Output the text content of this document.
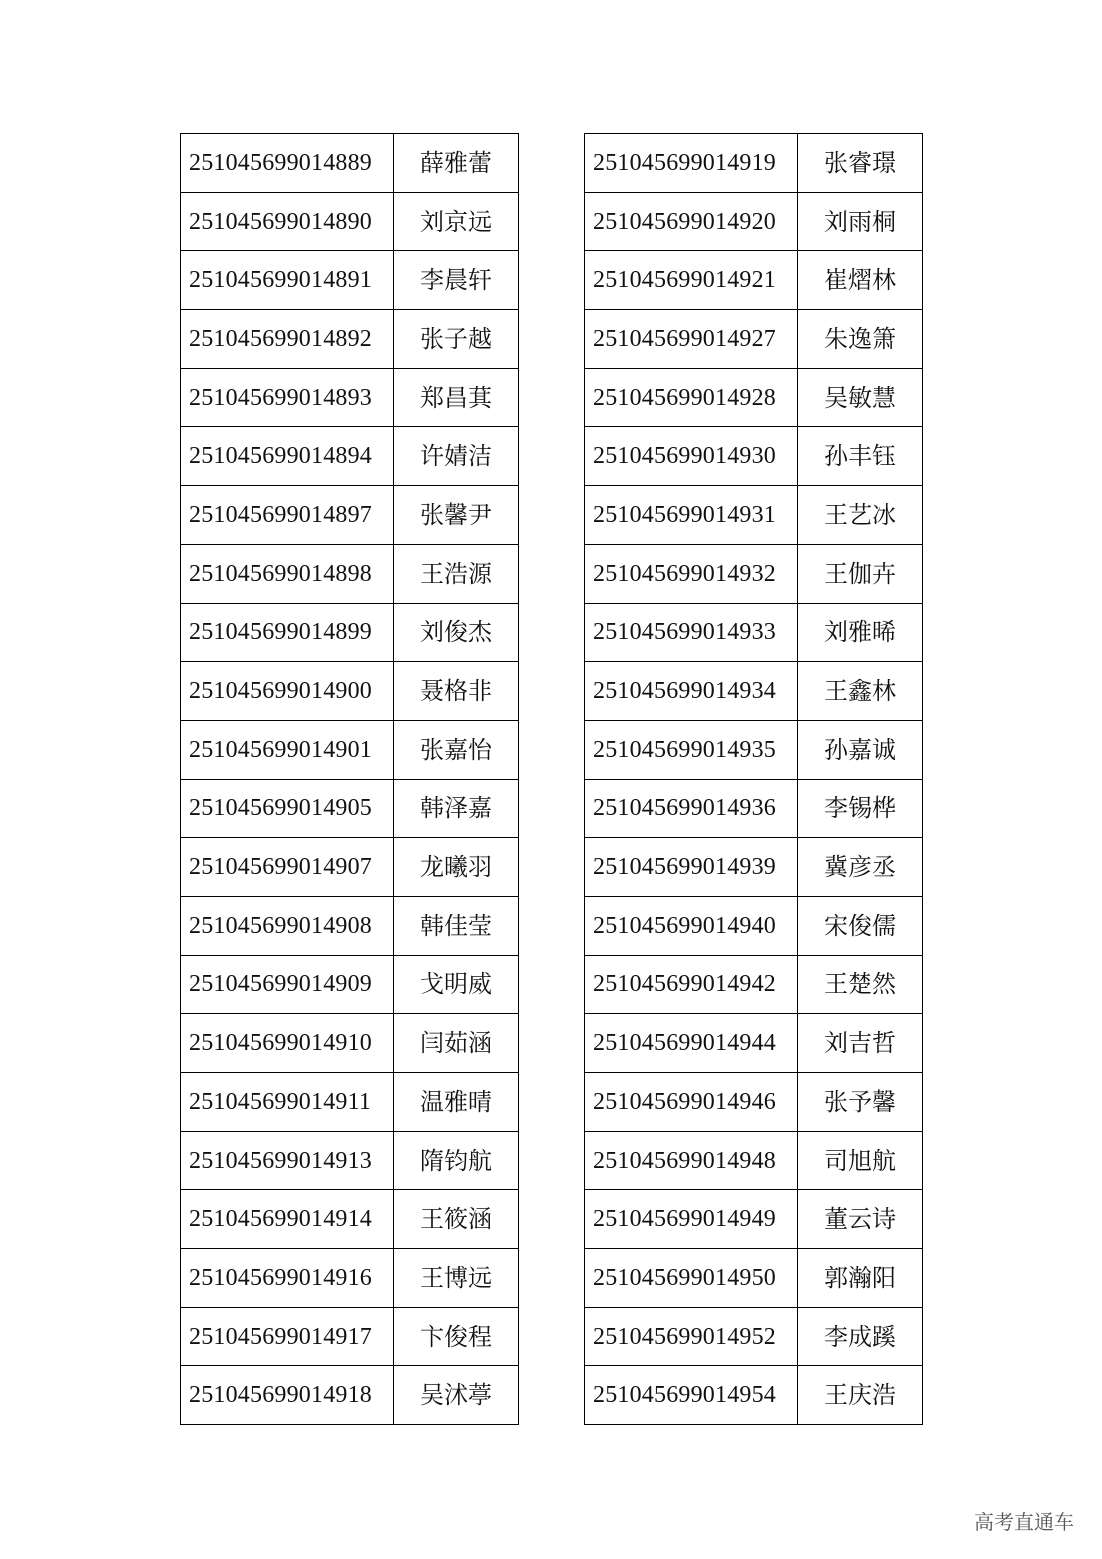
251045699014889	薛雅蕾
251045699014890	刘京远
251045699014891	李晨轩
251045699014892	张子越
251045699014893	郑昌萁
251045699014894	许婧洁
251045699014897	张馨尹
251045699014898	王浩源
251045699014899	刘俊杰
251045699014900	聂格非
251045699014901	张嘉怡
251045699014905	韩泽嘉
251045699014907	龙曦羽
251045699014908	韩佳莹
251045699014909	戈明威
251045699014910	闫茹涵
251045699014911	温雅晴
251045699014913	隋钧航
251045699014914	王筱涵
251045699014916	王博远
251045699014917	卞俊程
251045699014918	吴沭葶
251045699014919	张睿璟
251045699014920	刘雨桐
251045699014921	崔熠林
251045699014927	朱逸箫
251045699014928	吴敏慧
251045699014930	孙丰钰
251045699014931	王艺冰
251045699014932	王伽卉
251045699014933	刘雅晞
251045699014934	王鑫林
251045699014935	孙嘉诚
251045699014936	李锡桦
251045699014939	冀彦丞
251045699014940	宋俊儒
251045699014942	王楚然
251045699014944	刘吉哲
251045699014946	张予馨
251045699014948	司旭航
251045699014949	董云诗
251045699014950	郭瀚阳
251045699014952	李成蹊
251045699014954	王庆浩
高考直通车
